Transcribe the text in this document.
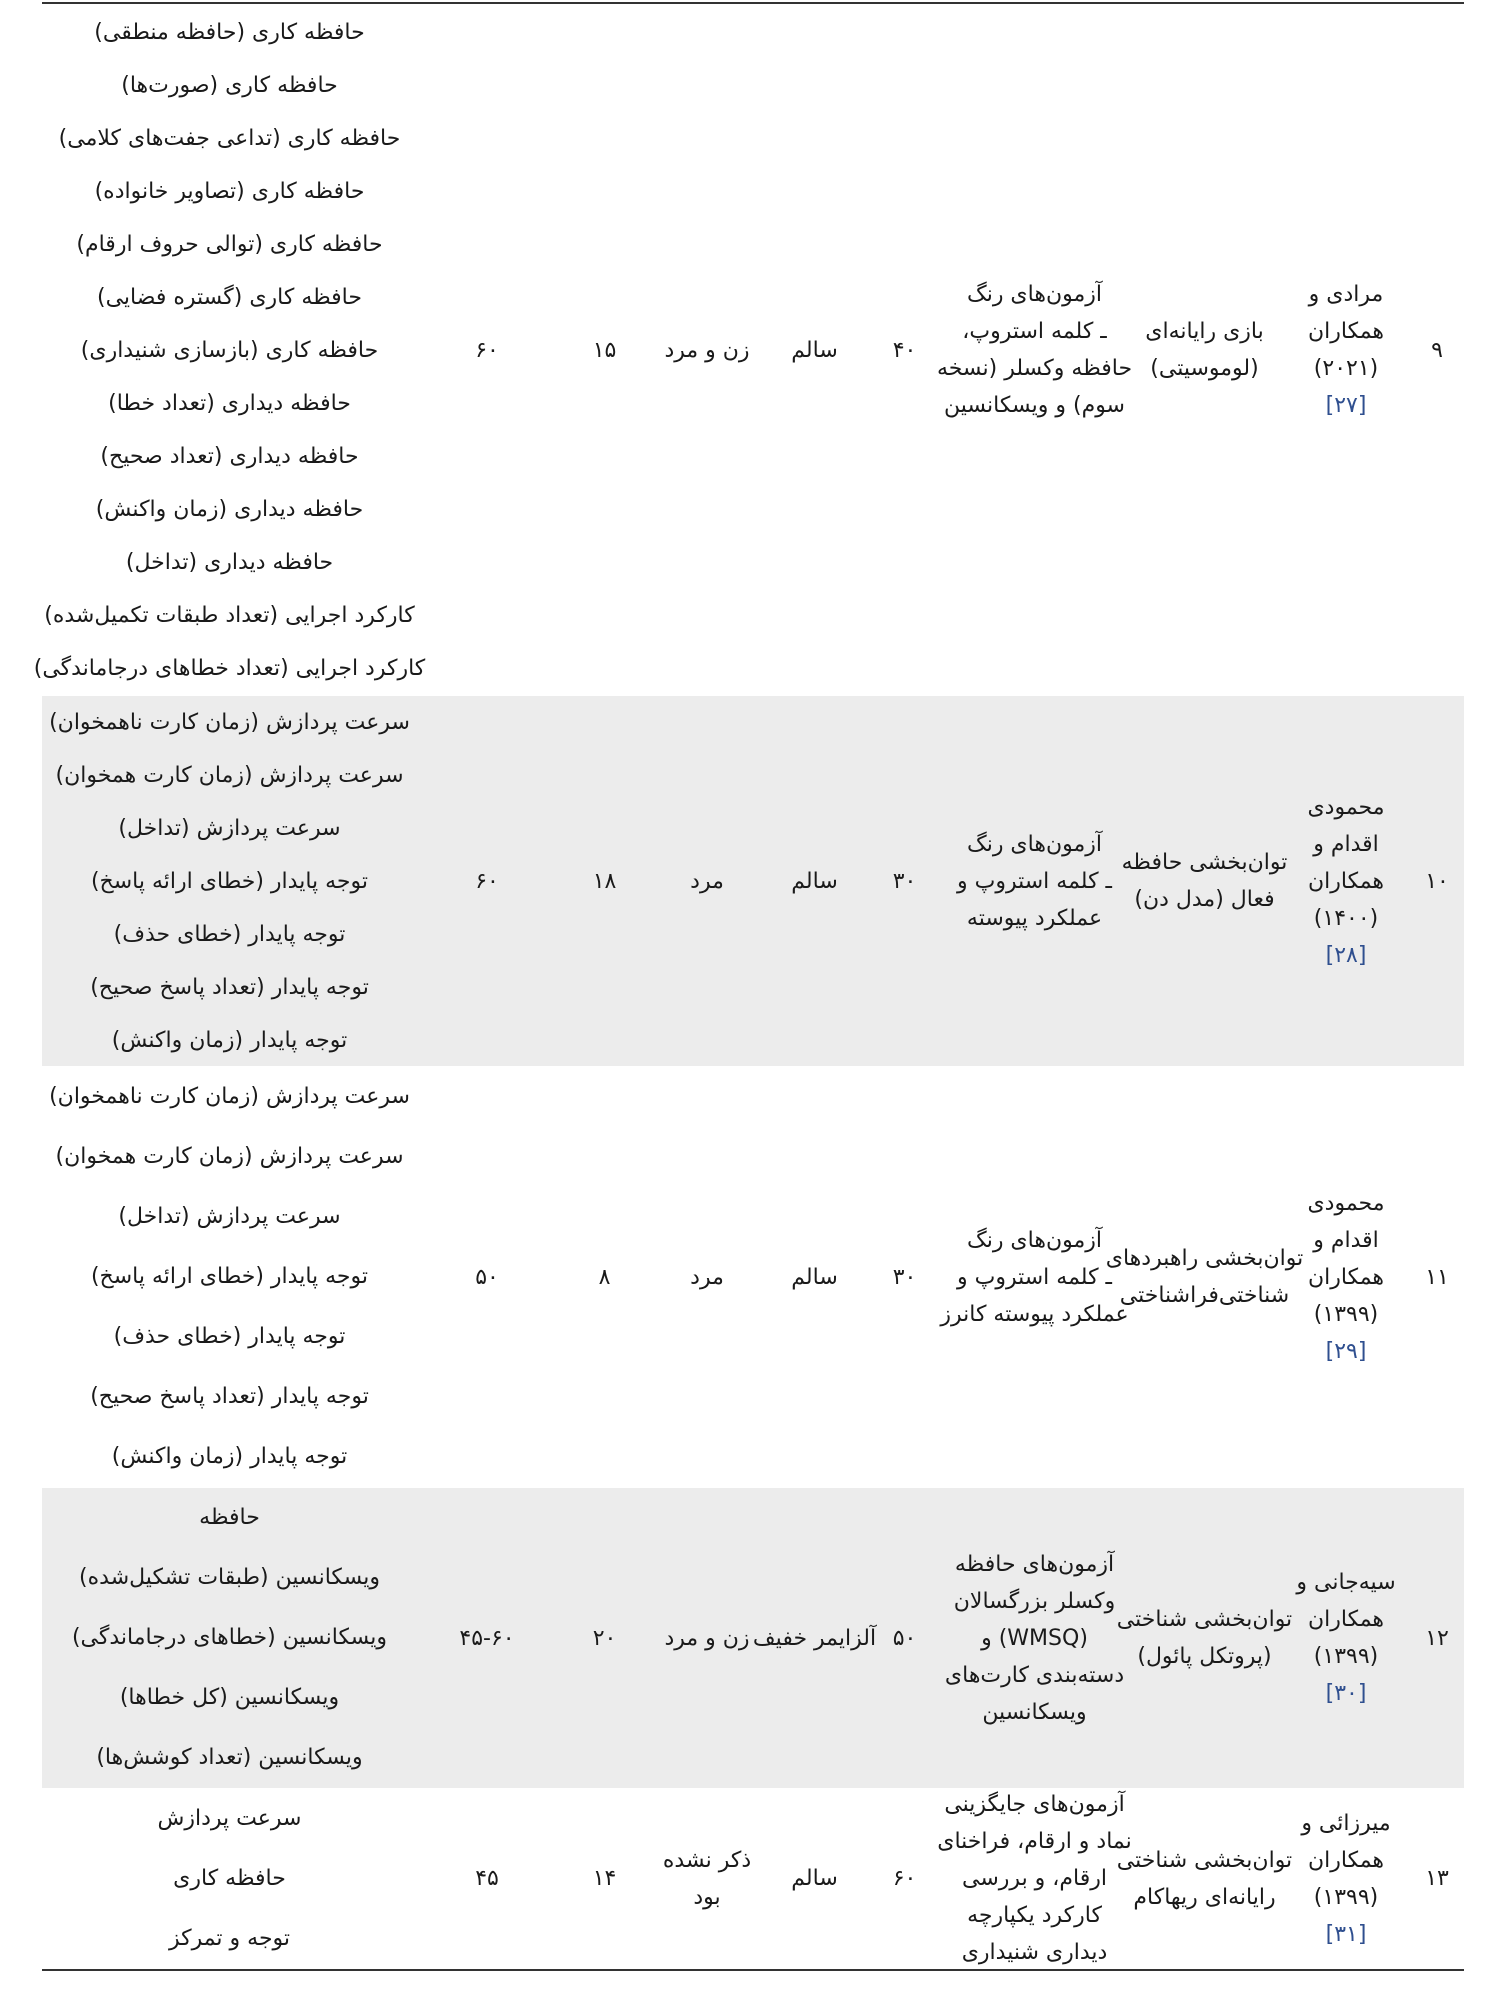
۹
مرادی و
همکاران
(۲۰۲۱)
[۲۷]
بازی رایانه‌ای
(لوموسیتی)
آزمون‌های رنگ
ـ کلمه استروپ،
حافظه وکسلر (نسخه
سوم) و ویسکانسین
۴۰
سالم
زن و مرد
۱۵
۶۰
حافظه کاری (حافظه منطقی)
حافظه کاری (صورت‌ها)
حافظه کاری (تداعی جفت‌های کلامی)
حافظه کاری (تصاویر خانواده)
حافظه کاری (توالی حروف ارقام)
حافظه کاری (گستره فضایی)
حافظه کاری (بازسازی شنیداری)
حافظه دیداری (تعداد خطا)
حافظه دیداری (تعداد صحیح)
حافظه دیداری (زمان واکنش)
حافظه دیداری (تداخل)
کارکرد اجرایی (تعداد طبقات تکمیل‌شده)
کارکرد اجرایی (تعداد خطاهای درجاماندگی)
۱۰
محمودی
اقدام و
همکاران
(۱۴۰۰)
[۲۸]
توان‌بخشی حافظه
فعال (مدل دن)
آزمون‌های رنگ
ـ کلمه استروپ و
عملکرد پیوسته
۳۰
سالم
مرد
۱۸
۶۰
سرعت پردازش (زمان کارت ناهمخوان)
سرعت پردازش (زمان کارت همخوان)
سرعت پردازش (تداخل)
توجه پایدار (خطای ارائه پاسخ)
توجه پایدار (خطای حذف)
توجه پایدار (تعداد پاسخ صحیح)
توجه پایدار (زمان واکنش)
۱۱
محمودی
اقدام و
همکاران
(۱۳۹۹)
[۲۹]
توان‌بخشی راهبردهای
شناختی‌فراشناختی
آزمون‌های رنگ
ـ کلمه استروپ و
عملکرد پیوسته کانرز
۳۰
سالم
مرد
۸
۵۰
سرعت پردازش (زمان کارت ناهمخوان)
سرعت پردازش (زمان کارت همخوان)
سرعت پردازش (تداخل)
توجه پایدار (خطای ارائه پاسخ)
توجه پایدار (خطای حذف)
توجه پایدار (تعداد پاسخ صحیح)
توجه پایدار (زمان واکنش)
۱۲
سیه‌جانی و
همکاران
(۱۳۹۹)
[۳۰]
توان‌بخشی شناختی
(پروتکل پائول)
آزمون‌های حافظه
وکسلر بزرگسالان
(WMSQ) و
دسته‌بندی کارت‌های
ویسکانسین
۵۰
آلزایمر خفیف
زن و مرد
۲۰
۴۵-۶۰
حافظه
ویسکانسین (طبقات تشکیل‌شده)
ویسکانسین (خطاهای درجاماندگی)
ویسکانسین (کل خطاها)
ویسکانسین (تعداد کوشش‌ها)
۱۳
میرزائی و
همکاران
(۱۳۹۹)
[۳۱]
توان‌بخشی شناختی
رایانه‌ای ریهاکام
آزمون‌های جایگزینی
نماد و ارقام، فراخنای
ارقام، و بررسی
کارکرد یکپارچه
دیداری شنیداری
۶۰
سالم
ذکر نشده
بود
۱۴
۴۵
سرعت پردازش
حافظه کاری
توجه و تمرکز
